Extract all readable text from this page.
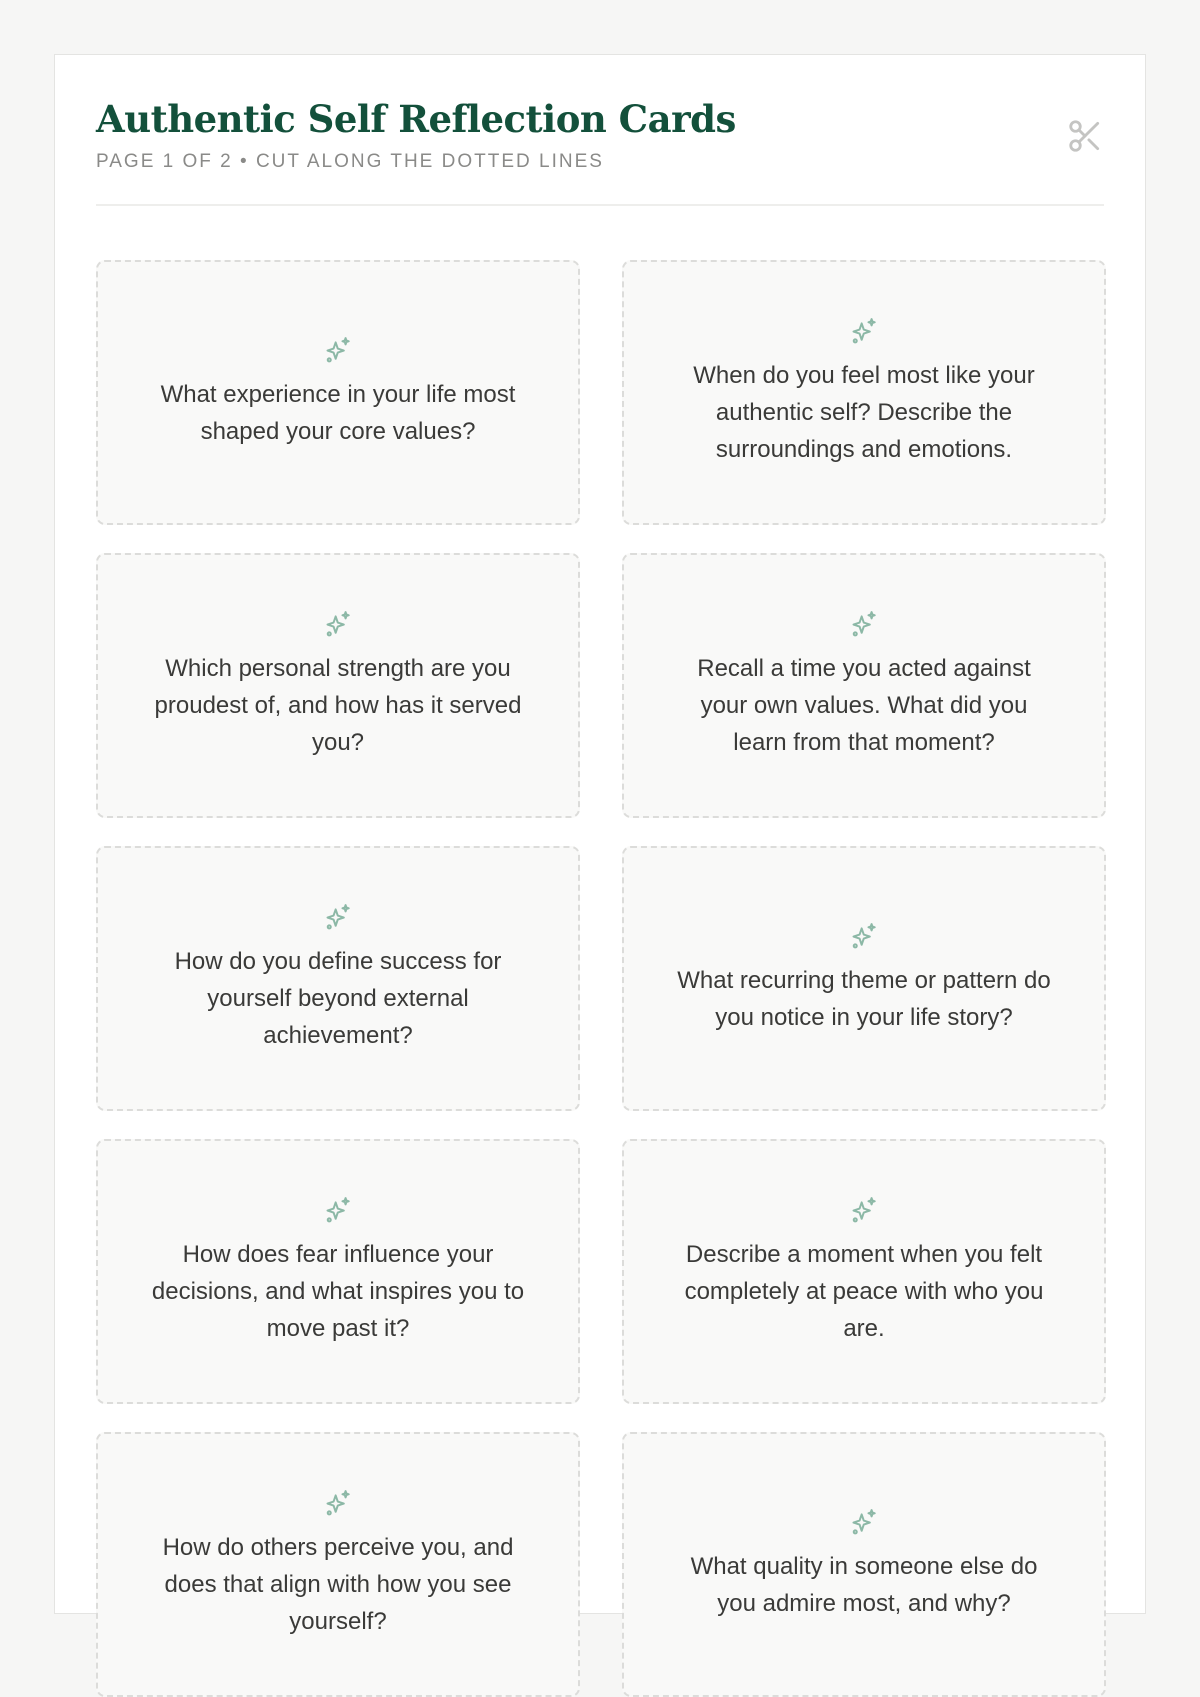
Authentic Self Reflection Cards
PAGE 1 OF 2 • CUT ALONG THE DOTTED LINES
What experience in your life most shaped your core values?
When do you feel most like your authentic self? Describe the surroundings and emotions.
Which personal strength are you proudest of, and how has it served you?
Recall a time you acted against your own values. What did you learn from that moment?
How do you define success for yourself beyond external achievement?
What recurring theme or pattern do you notice in your life story?
How does fear influence your decisions, and what inspires you to move past it?
Describe a moment when you felt completely at peace with who you are.
How do others perceive you, and does that align with how you see yourself?
What quality in someone else do you admire most, and why?
